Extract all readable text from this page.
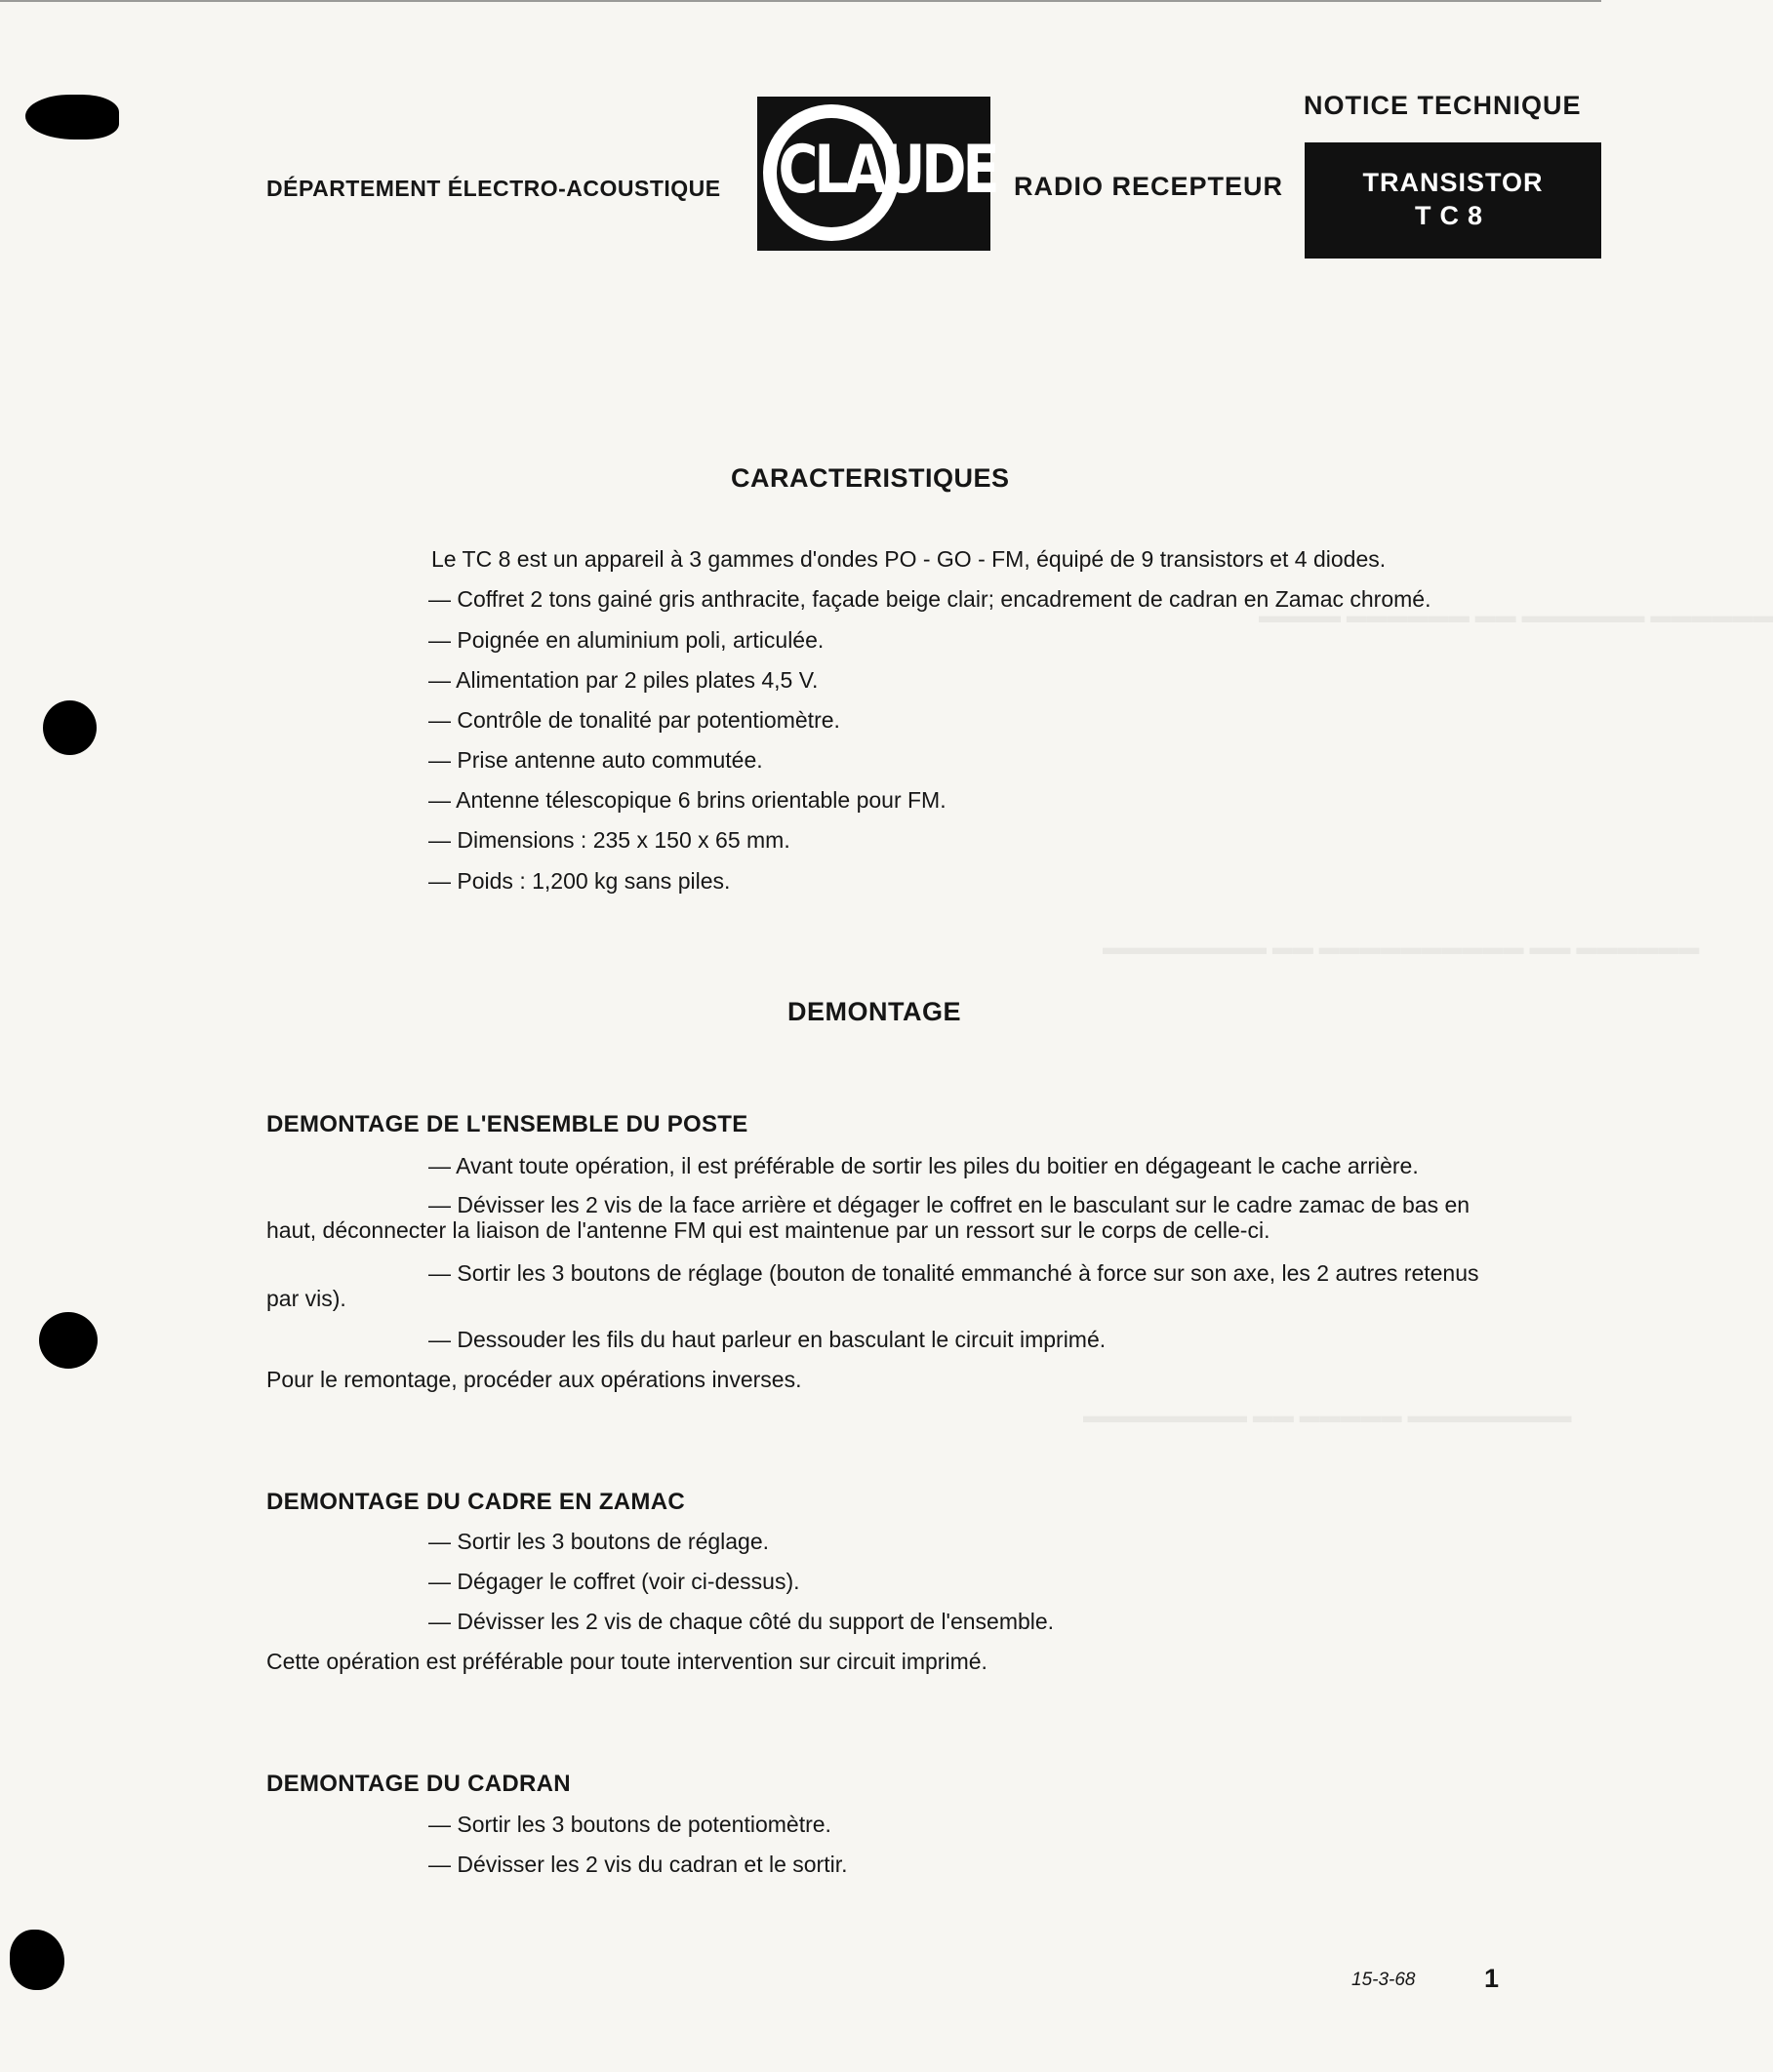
▬▬▬▬ ▬▬▬▬▬▬ ▬▬ ▬▬▬▬▬▬ ▬▬▬▬▬▬
▬▬▬▬▬▬▬▬ ▬▬ ▬▬▬▬▬▬▬▬▬▬ ▬▬ ▬▬▬▬▬▬
▬▬▬▬▬▬▬▬ ▬▬ ▬▬▬▬▬ ▬▬▬▬▬▬▬▬
DÉPARTEMENT ÉLECTRO-ACOUSTIQUE CLAUDE RADIO RECEPTEUR
NOTICE TECHNIQUE
TRANSISTOR
TC8
CARACTERISTIQUES
Le TC 8 est un appareil à 3 gammes d'ondes PO - GO - FM, équipé de 9 transistors et 4 diodes.
— Coffret 2 tons gainé gris anthracite, façade beige clair; encadrement de cadran en Zamac chromé.
— Poignée en aluminium poli, articulée.
— Alimentation par 2 piles plates 4,5 V.
— Contrôle de tonalité par potentiomètre.
— Prise antenne auto commutée.
— Antenne télescopique 6 brins orientable pour FM.
— Dimensions : 235 x 150 x 65 mm.
— Poids : 1,200 kg sans piles.
DEMONTAGE
DEMONTAGE DE L'ENSEMBLE DU POSTE
— Avant toute opération, il est préférable de sortir les piles du boitier en dégageant le cache arrière.
— Dévisser les 2 vis de la face arrière et dégager le coffret en le basculant sur le cadre zamac de bas en haut, déconnecter la liaison de l'antenne FM qui est maintenue par un ressort sur le corps de celle-ci.
— Sortir les 3 boutons de réglage (bouton de tonalité emmanché à force sur son axe, les 2 autres retenus par vis).
— Dessouder les fils du haut parleur en basculant le circuit imprimé.
Pour le remontage, procéder aux opérations inverses.
DEMONTAGE DU CADRE EN ZAMAC
— Sortir les 3 boutons de réglage.
— Dégager le coffret (voir ci-dessus).
— Dévisser les 2 vis de chaque côté du support de l'ensemble.
Cette opération est préférable pour toute intervention sur circuit imprimé.
DEMONTAGE DU CADRAN
— Sortir les 3 boutons de potentiomètre.
— Dévisser les 2 vis du cadran et le sortir.
15-3-68	1
